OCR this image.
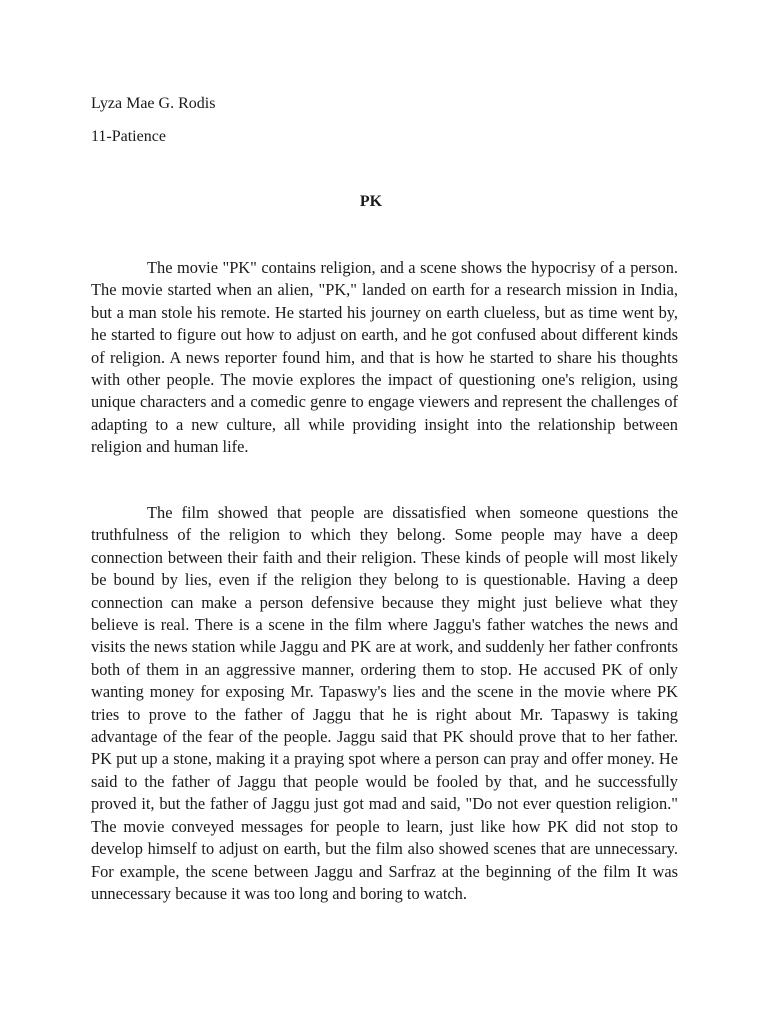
Lyza Mae G. Rodis

11-Patience

PK

The movie "PK" contains religion, and a scene shows the hypocrisy of a person. The movie started when an alien, "PK," landed on earth for a research mission in India, but a man stole his remote. He started his journey on earth clueless, but as time went by, he started to figure out how to adjust on earth, and he got confused about different kinds of religion. A news reporter found him, and that is how he started to share his thoughts with other people. The movie explores the impact of questioning one's religion, using unique characters and a comedic genre to engage viewers and represent the challenges of adapting to a new culture, all while providing insight into the relationship between religion and human life.

The film showed that people are dissatisfied when someone questions the truthfulness of the religion to which they belong. Some people may have a deep connection between their faith and their religion. These kinds of people will most likely be bound by lies, even if the religion they belong to is questionable. Having a deep connection can make a person defensive because they might just believe what they believe is real. There is a scene in the film where Jaggu's father watches the news and visits the news station while Jaggu and PK are at work, and suddenly her father confronts both of them in an aggressive manner, ordering them to stop. He accused PK of only wanting money for exposing Mr. Tapaswy's lies and the scene in the movie where PK tries to prove to the father of Jaggu that he is right about Mr. Tapaswy is taking advantage of the fear of the people. Jaggu said that PK should prove that to her father. PK put up a stone, making it a praying spot where a person can pray and offer money. He said to the father of Jaggu that people would be fooled by that, and he successfully proved it, but the father of Jaggu just got mad and said, "Do not ever question religion." The movie conveyed messages for people to learn, just like how PK did not stop to develop himself to adjust on earth, but the film also showed scenes that are unnecessary. For example, the scene between Jaggu and Sarfraz at the beginning of the film It was unnecessary because it was too long and boring to watch.
